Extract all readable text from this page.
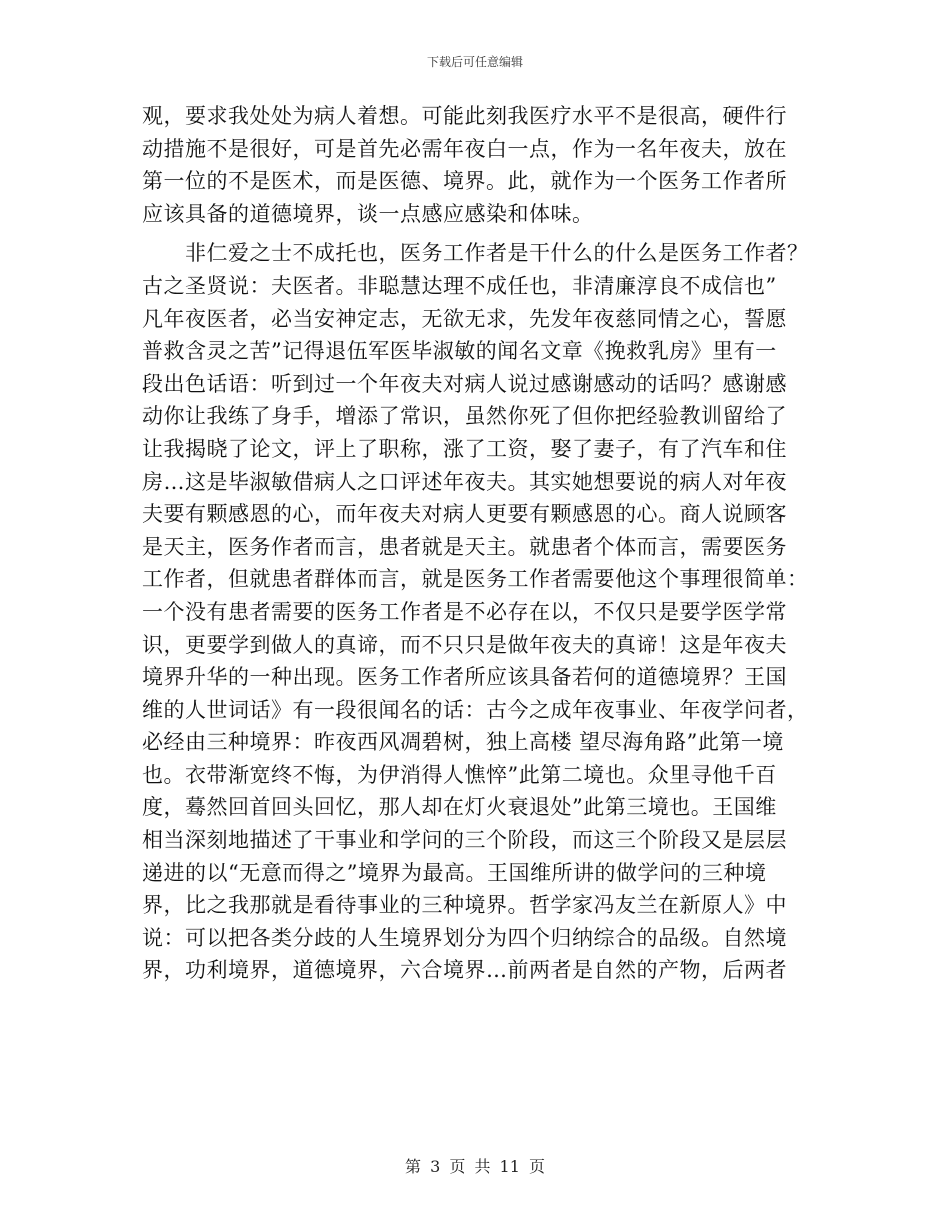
下载后可任意编辑
观，要求我处处为病人着想。可能此刻我医疗水平不是很高，硬件行
动措施不是很好，可是首先必需年夜白一点，作为一名年夜夫，放在
第一位的不是医术，而是医德、境界。此，就作为一个医务工作者所
应该具备的道德境界，谈一点感应感染和体味。
非仁爱之士不成托也，医务工作者是干什么的什么是医务工作者？
古之圣贤说：夫医者。非聪慧达理不成任也，非清廉淳良不成信也”
凡年夜医者，必当安神定志，无欲无求，先发年夜慈同情之心，誓愿
普救含灵之苦”记得退伍军医毕淑敏的闻名文章《挽救乳房》里有一
段出色话语：听到过一个年夜夫对病人说过感谢感动的话吗？感谢感
动你让我练了身手，增添了常识，虽然你死了但你把经验教训留给了
让我揭晓了论文，评上了职称，涨了工资，娶了妻子，有了汽车和住
房…这是毕淑敏借病人之口评述年夜夫。其实她想要说的病人对年夜
夫要有颗感恩的心，而年夜夫对病人更要有颗感恩的心。商人说顾客
是天主，医务作者而言，患者就是天主。就患者个体而言，需要医务
工作者，但就患者群体而言，就是医务工作者需要他这个事理很简单：
一个没有患者需要的医务工作者是不必存在以，不仅只是要学医学常
识，更要学到做人的真谛，而不只只是做年夜夫的真谛！这是年夜夫
境界升华的一种出现。医务工作者所应该具备若何的道德境界？王国
维的人世词话》有一段很闻名的话：古今之成年夜事业、年夜学问者，
必经由三种境界：昨夜西风凋碧树，独上高楼 望尽海角路”此第一境
也。衣带渐宽终不悔，为伊消得人憔悴”此第二境也。众里寻他千百
度，蓦然回首回头回忆，那人却在灯火衰退处”此第三境也。王国维
相当深刻地描述了干事业和学问的三个阶段，而这三个阶段又是层层
递进的以“无意而得之”境界为最高。王国维所讲的做学问的三种境
界，比之我那就是看待事业的三种境界。哲学家冯友兰在新原人》中
说：可以把各类分歧的人生境界划分为四个归纳综合的品级。自然境
界，功利境界，道德境界，六合境界…前两者是自然的产物，后两者
第 3 页 共 11 页
